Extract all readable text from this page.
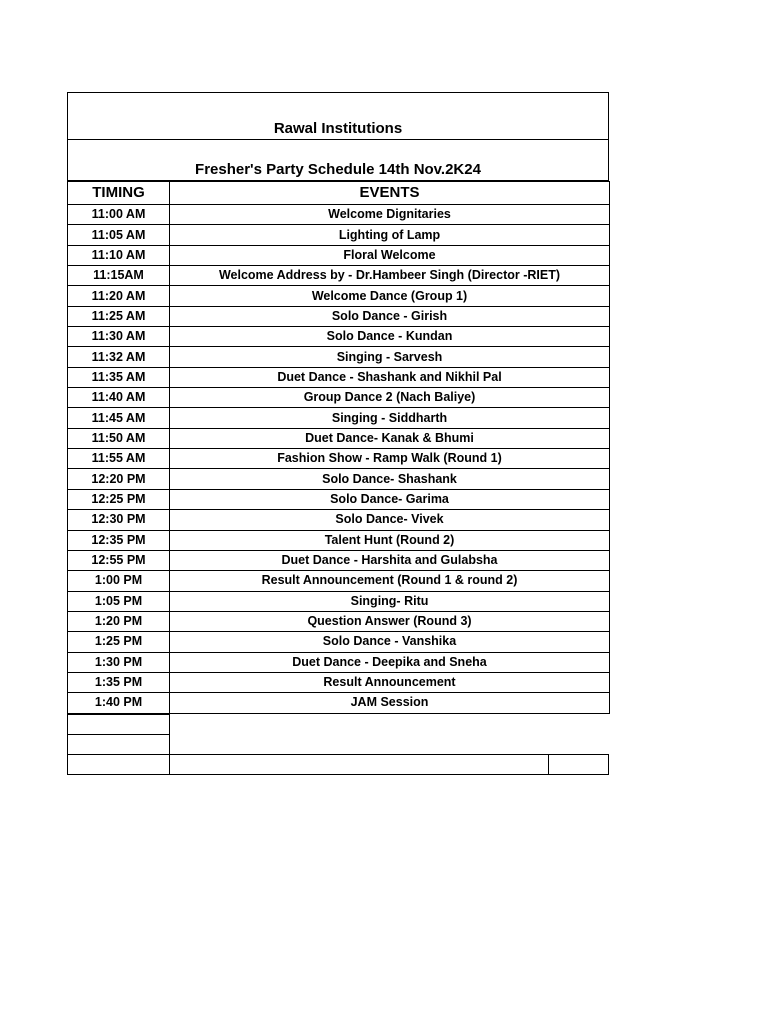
Rawal Institutions
Fresher's Party Schedule 14th Nov.2K24
TIMING	EVENTS
11:00 AM	Welcome Dignitaries
11:05 AM	Lighting of Lamp
11:10 AM	Floral Welcome
11:15AM	Welcome Address by - Dr.Hambeer Singh (Director -RIET)
11:20 AM	Welcome Dance (Group 1)
11:25 AM	Solo Dance - Girish
11:30 AM	Solo Dance - Kundan
11:32 AM	Singing - Sarvesh
11:35 AM	Duet Dance - Shashank and Nikhil Pal
11:40 AM	Group Dance 2 (Nach Baliye)
11:45 AM	Singing - Siddharth
11:50 AM	Duet Dance- Kanak & Bhumi
11:55 AM	Fashion Show - Ramp Walk (Round 1)
12:20 PM	Solo Dance- Shashank
12:25 PM	Solo Dance- Garima
12:30 PM	Solo Dance- Vivek
12:35 PM	Talent Hunt (Round 2)
12:55 PM	Duet Dance - Harshita and Gulabsha
1:00 PM	Result Announcement (Round 1 & round 2)
1:05 PM	Singing- Ritu
1:20 PM	Question Answer (Round 3)
1:25 PM	Solo Dance - Vanshika
1:30 PM	Duet Dance - Deepika and Sneha
1:35 PM	Result Announcement
1:40 PM	JAM Session
